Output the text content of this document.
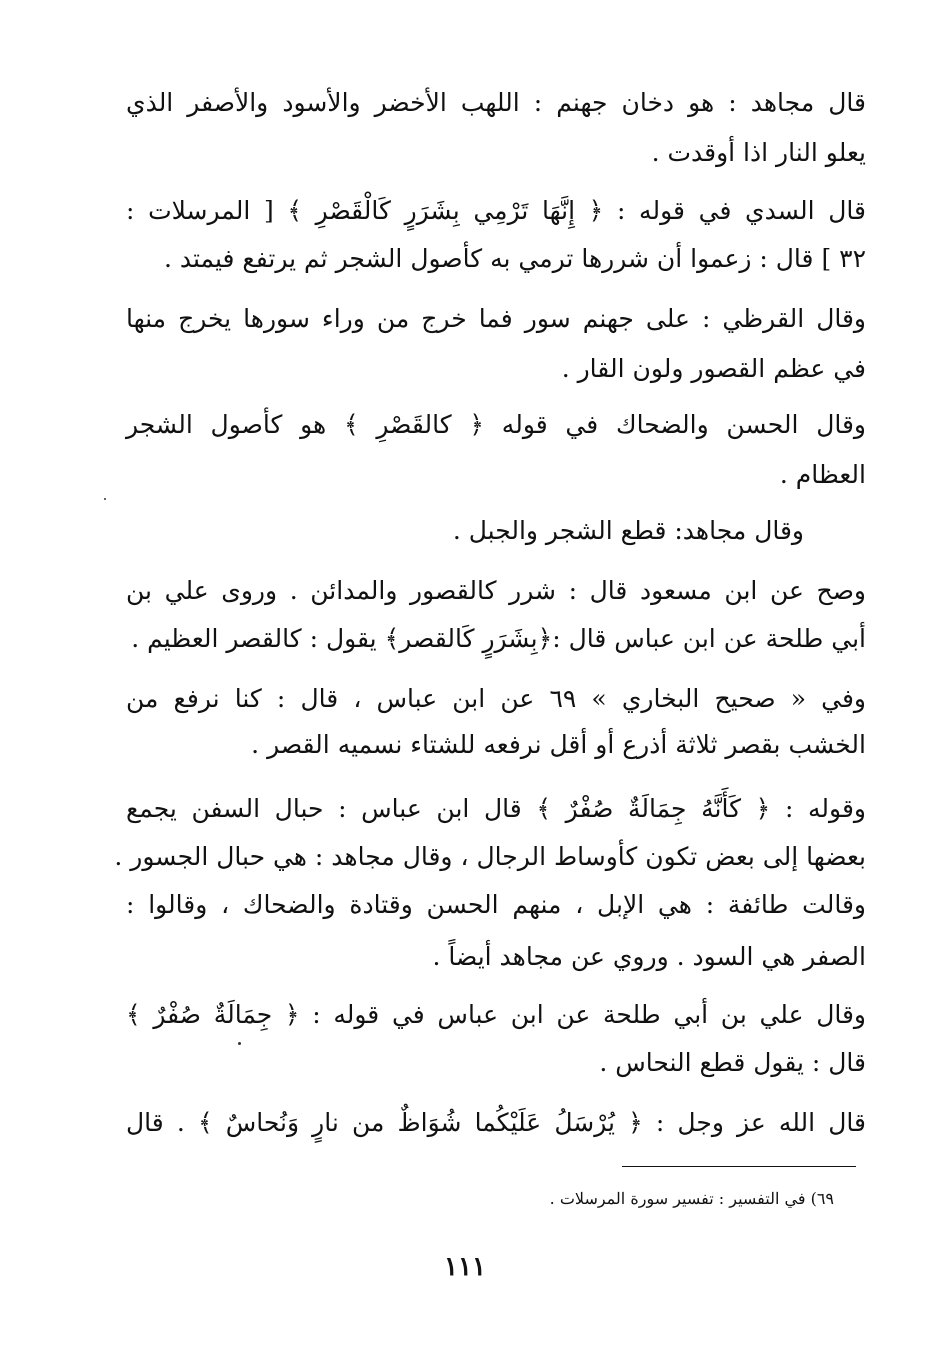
قال مجاهد : هو دخان جهنم : اللهب الأخضر والأسود والأصفر الذي
يعلو النار اذا أوقدت .
قال السدي في قوله : ﴿ إِنَّهَا تَرْمِي بِشَرَرٍ كَالْقَصْرِ ﴾ [ المرسلات :
٣٢ ] قال : زعموا أن شررها ترمي به كأصول الشجر ثم يرتفع فيمتد .
وقال القرظي : على جهنم سور فما خرج من وراء سورها يخرج منها
في عظم القصور ولون القار .
وقال الحسن والضحاك في قوله ﴿ كالقَصْرِ ﴾ هو كأصول الشجر
العظام .
وقال مجاهد: قطع الشجر والجبل .
وصح عن ابن مسعود قال : شرر كالقصور والمدائن . وروى علي بن
أبي طلحة عن ابن عباس قال :﴿بِشَرَرٍ كَالقصر﴾ يقول : كالقصر العظيم .
وفي « صحيح البخاري » ٦٩ عن ابن عباس ، قال : كنا نرفع من
الخشب بقصر ثلاثة أذرع أو أقل نرفعه للشتاء نسميه القصر .
وقوله : ﴿ كَأَنَّهُ جِمَالَةٌ صُفْرٌ ﴾ قال ابن عباس : حبال السفن يجمع
بعضها إلى بعض تكون كأوساط الرجال ، وقال مجاهد : هي حبال الجسور .
وقالت طائفة : هي الإبل ، منهم الحسن وقتادة والضحاك ، وقالوا :
الصفر هي السود . وروي عن مجاهد أيضاً .
وقال علي بن أبي طلحة عن ابن عباس في قوله : ﴿ جِمَالَةٌ صُفْرٌ ﴾
قال : يقول قطع النحاس .
قال الله عز وجل : ﴿ يُرْسَلُ عَلَيْكُما شُوَاظٌ من نارٍ وَنُحاسٌ ﴾ . قال
٦٩) في التفسير : تفسير سورة المرسلات .
١١١
